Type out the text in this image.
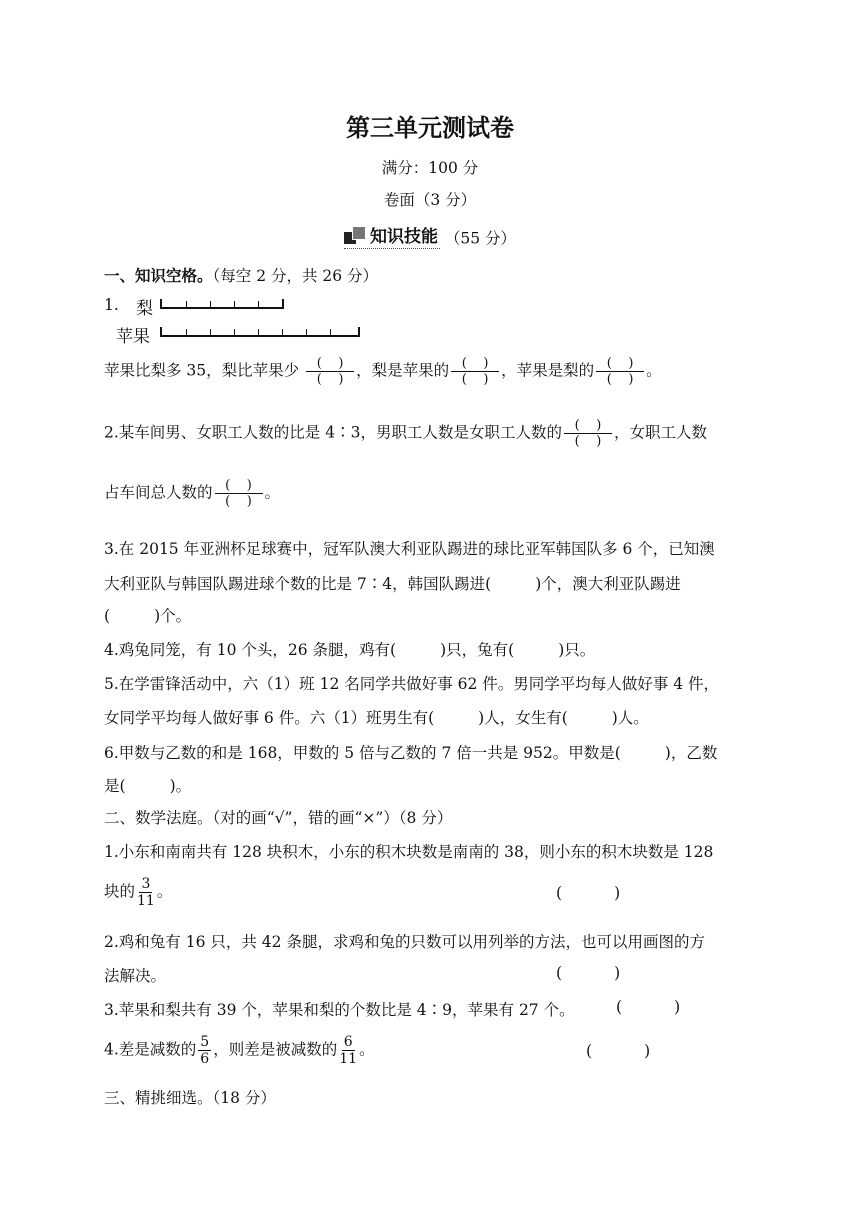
第三单元测试卷
满分：100 分
卷面（3 分）
知识技能 （55 分）
一、知识空格。（每空 2 分，共 26 分）
1. 梨
苹果
苹果比梨多 35，梨比苹果少 $\frac{( )}{( )}$ ，梨是苹果的 $\frac{( )}{( )}$ ，苹果是梨的 $\frac{( )}{( )}$ 。
2.某车间男、女职工人数的比是 4∶3，男职工人数是女职工人数的 $\frac{( )}{( )}$ ，女职工人数
占车间总人数的 $\frac{( )}{( )}$ 。
3.在 2015 年亚洲杯足球赛中，冠军队澳大利亚队踢进的球比亚军韩国队多 6 个，已知澳
大利亚队与韩国队踢进球个数的比是 7∶4，韩国队踢进(	)个，澳大利亚队踢进
(	)个。
4.鸡兔同笼，有 10 个头，26 条腿，鸡有(	)只，兔有(	)只。
5.在学雷锋活动中，六（1）班 12 名同学共做好事 62 件。男同学平均每人做好事 4 件，
女同学平均每人做好事 6 件。六（1）班男生有(	)人，女生有(	)人。
6.甲数与乙数的和是 168，甲数的 5 倍与乙数的 7 倍一共是 952。甲数是(	)，乙数
是(	)。
二、数学法庭。（对的画“√”，错的画“×”）（8 分）
1.小东和南南共有 128 块积木，小东的积木块数是南南的 38，则小东的积木块数是 128
块的 $\frac{3}{11}$ 。	(	)
2.鸡和兔有 16 只，共 42 条腿，求鸡和兔的只数可以用列举的方法，也可以用画图的方
法解决。	(	)
3.苹果和梨共有 39 个，苹果和梨的个数比是 4∶9，苹果有 27 个。	(	)
4.差是减数的 $\frac{5}{6}$ ，则差是被减数的 $\frac{6}{11}$ 。	(	)
三、精挑细选。（18 分）
